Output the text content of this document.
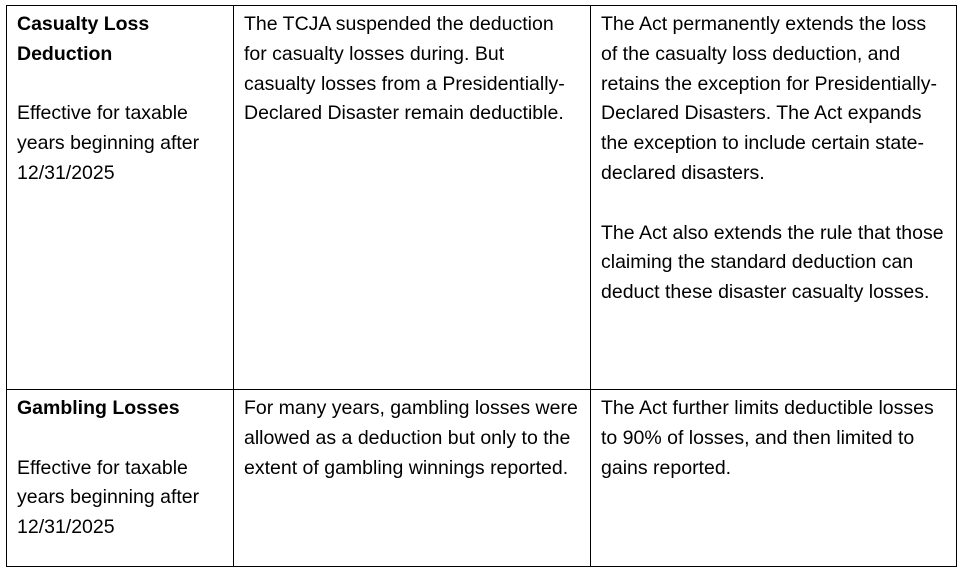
Casualty Loss Deduction
Effective for taxable years beginning after 12/31/2025	The TCJA suspended the deduction for casualty losses during. But casualty losses from a Presidentially-Declared Disaster remain deductible.	The Act permanently extends the loss of the casualty loss deduction, and retains the exception for Presidentially-Declared Disasters. The Act expands the exception to include certain state-declared disasters.
The Act also extends the rule that those claiming the standard deduction can deduct these disaster casualty losses.

Gambling Losses
Effective for taxable years beginning after 12/31/2025	For many years, gambling losses were allowed as a deduction but only to the extent of gambling winnings reported.	The Act further limits deductible losses to 90% of losses, and then limited to gains reported.
